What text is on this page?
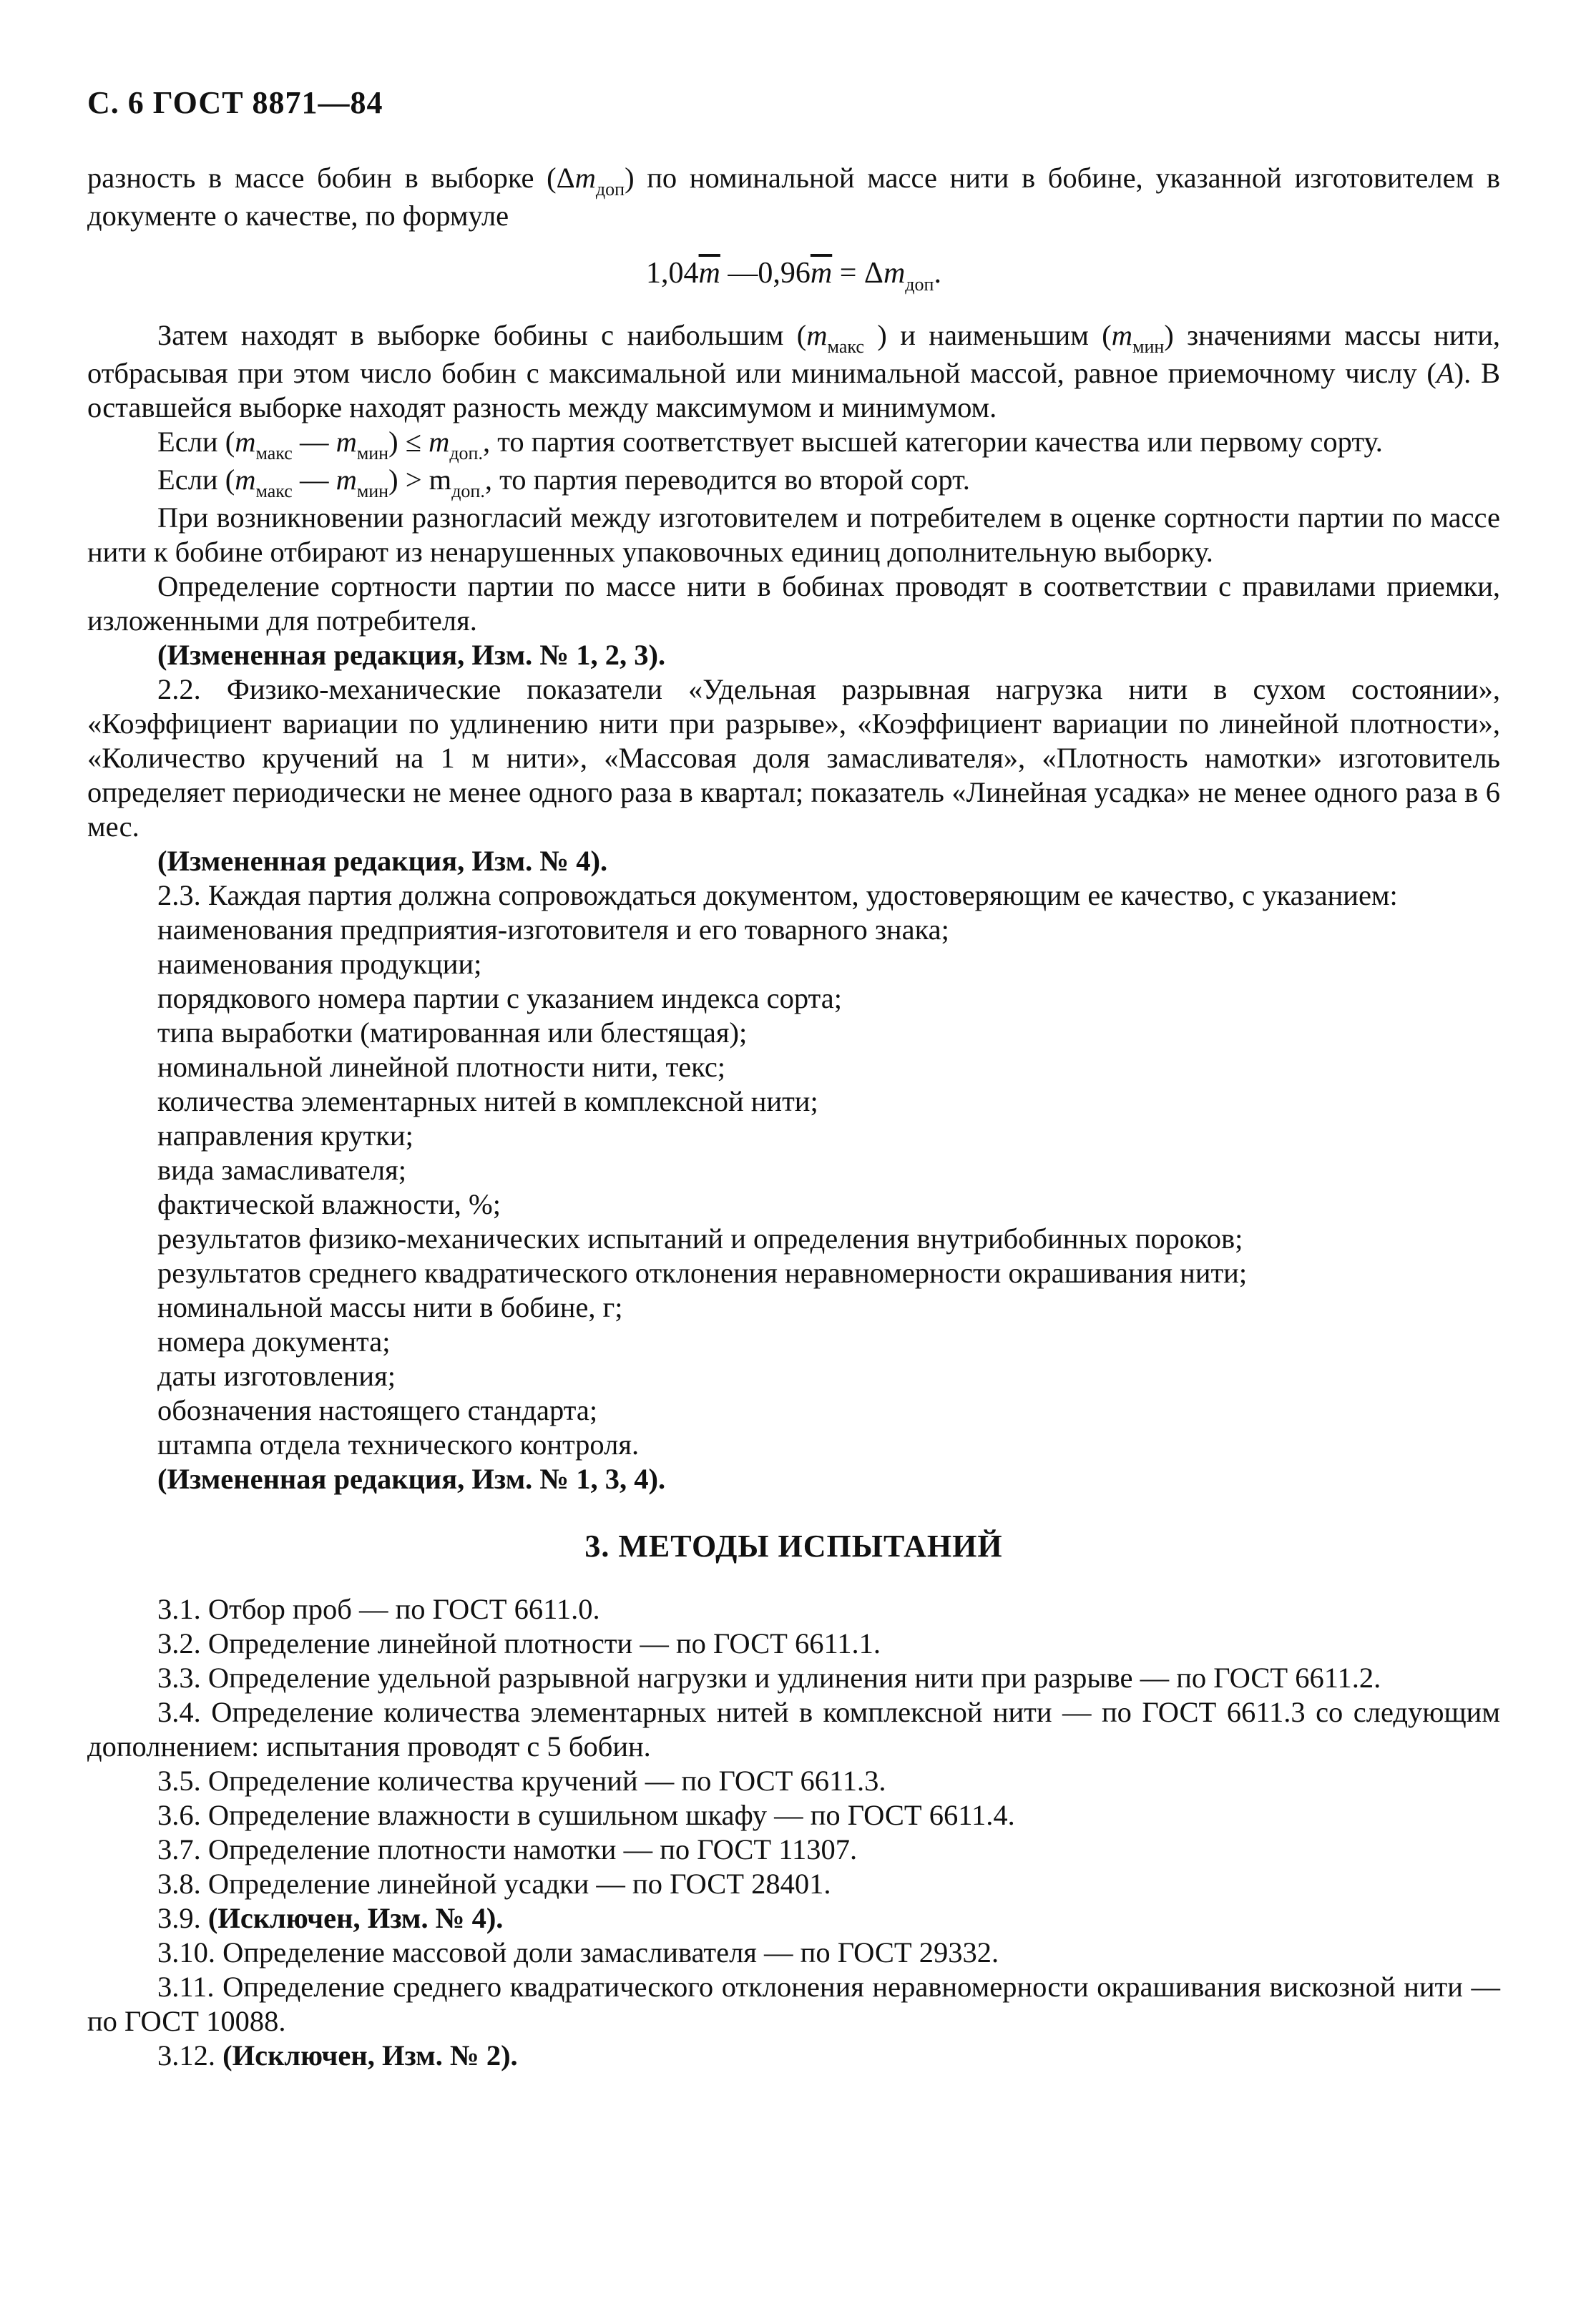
С. 6 ГОСТ 8871—84

разность в массе бобин в выборке $(\Delta m_{доп})$ по номинальной массе нити в бобине, указанной изготовителем в документе о качестве, по формуле

$1,04\overline{m}$ $—0,96\overline{m} = \Delta m_{доп}$.

Затем находят в выборке бобины с наибольшим ($m_{макс}$ ) и наименьшим $(m_{мин})$ значениями массы нити, отбрасывая при этом число бобин с максимальной или минимальной массой, равное приемочному числу (A). В оставшейся выборке находят разность между максимумом и минимумом.

Если ($m_{макс}$ — $m_{мин}) \le m_{доп.}$, то партия соответствует высшей категории качества или первому сорту.

Если ($m_{макс}$ — $m_{мин}) > m_{доп.}$, то партия переводится во второй сорт.

При возникновении разногласий между изготовителем и потребителем в оценке сортности партии по массе нити к бобине отбирают из ненарушенных упаковочных единиц дополнительную выборку.

Определение сортности партии по массе нити в бобинах проводят в соответствии с правилами приемки, изложенными для потребителя.

(Измененная редакция, Изм. № 1, 2, 3).

2.2. Физико-механические показатели «Удельная разрывная нагрузка нити в сухом состоянии», «Коэффициент вариации по удлинению нити при разрыве», «Коэффициент вариации по линейной плотности», «Количество кручений на 1 м нити», «Массовая доля замасливателя», «Плотность намотки» изготовитель определяет периодически не менее одного раза в квартал; показатель «Линейная усадка» не менее одного раза в 6 мес.

(Измененная редакция, Изм. № 4).

2.3. Каждая партия должна сопровождаться документом, удостоверяющим ее качество, с указанием:

наименования предприятия-изготовителя и его товарного знака;

наименования продукции;

порядкового номера партии с указанием индекса сорта;

типа выработки (матированная или блестящая);

номинальной линейной плотности нити, текс;

количества элементарных нитей в комплексной нити;

направления крутки;

вида замасливателя;

фактической влажности, %;

результатов физико-механических испытаний и определения внутрибобинных пороков;

результатов среднего квадратического отклонения неравномерности окрашивания нити;

номинальной массы нити в бобине, г;

номера документа;

даты изготовления;

обозначения настоящего стандарта;

штампа отдела технического контроля.

(Измененная редакция, Изм. № 1, 3, 4).

3. МЕТОДЫ ИСПЫТАНИЙ

3.1. Отбор проб — по ГОСТ 6611.0.

3.2. Определение линейной плотности — по ГОСТ 6611.1.

3.3. Определение удельной разрывной нагрузки и удлинения нити при разрыве — по ГОСТ 6611.2.

3.4. Определение количества элементарных нитей в комплексной нити — по ГОСТ 6611.3 со следующим дополнением: испытания проводят с 5 бобин.

3.5. Определение количества кручений — по ГОСТ 6611.3.

3.6. Определение влажности в сушильном шкафу — по ГОСТ 6611.4.

3.7. Определение плотности намотки — по ГОСТ 11307.

3.8. Определение линейной усадки — по ГОСТ 28401.

3.9. (Исключен, Изм. № 4).

3.10. Определение массовой доли замасливателя — по ГОСТ 29332.

3.11. Определение среднего квадратического отклонения неравномерности окрашивания вискозной нити — по ГОСТ 10088.

3.12. (Исключен, Изм. № 2).
